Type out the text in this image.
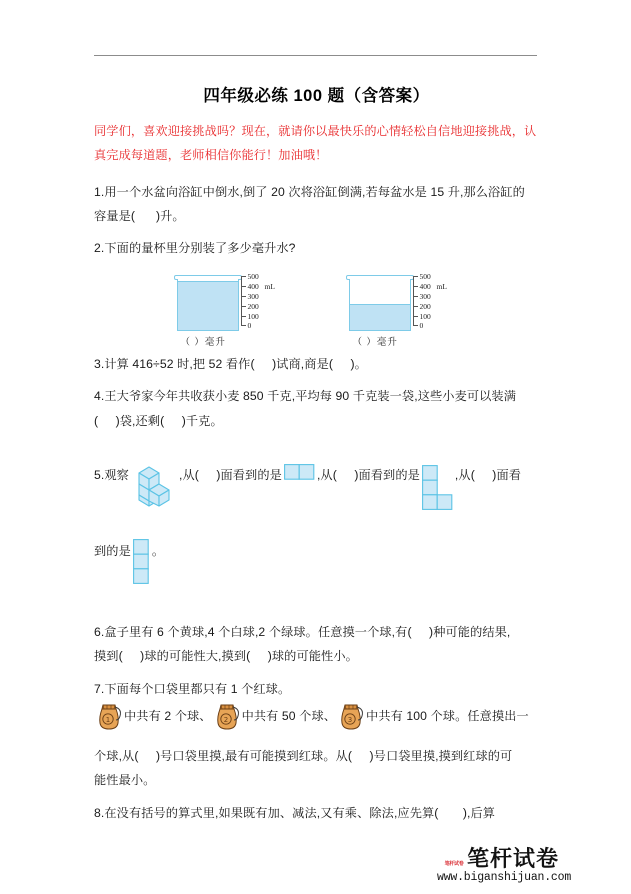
四年级必练 100 题（含答案）
同学们，喜欢迎接挑战吗？现在，就请你以最快乐的心情轻松自信地迎接挑战，认真完成每道题，老师相信你能行！加油哦！
1.用一个水盆向浴缸中倒水,倒了 20 次将浴缸倒满,若每盆水是 15 升,那么浴缸的
容量是( )升。
2.下面的量杯里分别装了多少毫升水?
500
400
300
200
100
0
mL
（ ）毫升
500
400
300
200
100
0
mL
（ ）毫升
3.计算 416÷52 时,把 52 看作( )试商,商是( )。
4.王大爷家今年共收获小麦 850 千克,平均每 90 千克装一袋,这些小麦可以装满
( )袋,还剩( )千克。
5.观察	,从( )面看到的是	,从( )面看到的是	,从( )面看
到的是 。
6.盒子里有 6 个黄球,4 个白球,2 个绿球。任意摸一个球,有( )种可能的结果,
摸到( )球的可能性大,摸到( )球的可能性小。
7.下面每个口袋里都只有 1 个红球。
1 中共有 2 个球、 2 中共有 50 个球、 3 中共有 100 个球。任意摸出一
个球,从( )号口袋里摸,最有可能摸到红球。从( )号口袋里摸,摸到红球的可
能性最小。
8.在没有括号的算式里,如果既有加、减法,又有乘、除法,应先算( ),后算
笔杆试卷 笔杆试卷
www.biganshijuan.com
